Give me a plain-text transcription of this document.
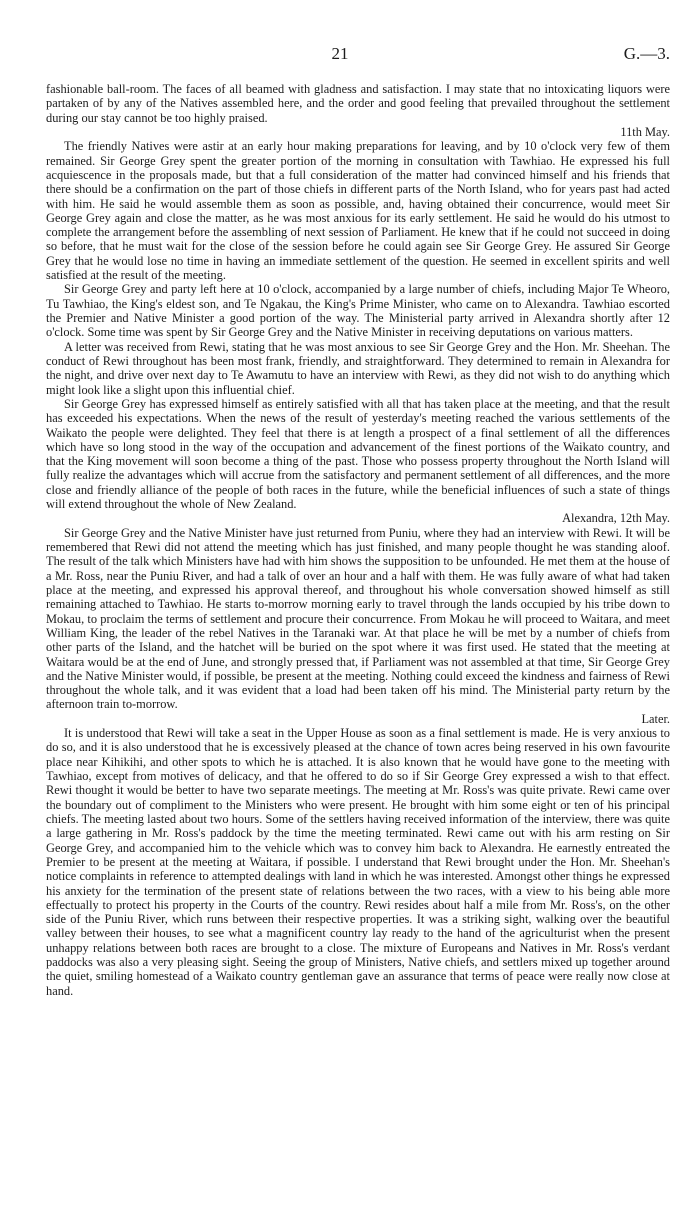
21	G.—3.

fashionable ball-room. The faces of all beamed with gladness and satisfaction. I may state that no intoxicating liquors were partaken of by any of the Natives assembled here, and the order and good feeling that prevailed throughout the settlement during our stay cannot be too highly praised.

11th May.

The friendly Natives were astir at an early hour making preparations for leaving, and by 10 o'clock very few of them remained. Sir George Grey spent the greater portion of the morning in consultation with Tawhiao. He expressed his full acquiescence in the proposals made, but that a full consideration of the matter had convinced himself and his friends that there should be a confirmation on the part of those chiefs in different parts of the North Island, who for years past had acted with him. He said he would assemble them as soon as possible, and, having obtained their concurrence, would meet Sir George Grey again and close the matter, as he was most anxious for its early settlement. He said he would do his utmost to complete the arrangement before the assembling of next session of Parliament. He knew that if he could not succeed in doing so before, that he must wait for the close of the session before he could again see Sir George Grey. He assured Sir George Grey that he would lose no time in having an immediate settlement of the question. He seemed in excellent spirits and well satisfied at the result of the meeting.

Sir George Grey and party left here at 10 o'clock, accompanied by a large number of chiefs, including Major Te Wheoro, Tu Tawhiao, the King's eldest son, and Te Ngakau, the King's Prime Minister, who came on to Alexandra. Tawhiao escorted the Premier and Native Minister a good portion of the way. The Ministerial party arrived in Alexandra shortly after 12 o'clock. Some time was spent by Sir George Grey and the Native Minister in receiving deputations on various matters.

A letter was received from Rewi, stating that he was most anxious to see Sir George Grey and the Hon. Mr. Sheehan. The conduct of Rewi throughout has been most frank, friendly, and straightforward. They determined to remain in Alexandra for the night, and drive over next day to Te Awamutu to have an interview with Rewi, as they did not wish to do anything which might look like a slight upon this influential chief.

Sir George Grey has expressed himself as entirely satisfied with all that has taken place at the meeting, and that the result has exceeded his expectations. When the news of the result of yesterday's meeting reached the various settlements of the Waikato the people were delighted. They feel that there is at length a prospect of a final settlement of all the differences which have so long stood in the way of the occupation and advancement of the finest portions of the Waikato country, and that the King movement will soon become a thing of the past. Those who possess property throughout the North Island will fully realize the advantages which will accrue from the satisfactory and permanent settlement of all differences, and the more close and friendly alliance of the people of both races in the future, while the beneficial influences of such a state of things will extend throughout the whole of New Zealand.

Alexandra, 12th May.

Sir George Grey and the Native Minister have just returned from Puniu, where they had an interview with Rewi. It will be remembered that Rewi did not attend the meeting which has just finished, and many people thought he was standing aloof. The result of the talk which Ministers have had with him shows the supposition to be unfounded. He met them at the house of a Mr. Ross, near the Puniu River, and had a talk of over an hour and a half with them. He was fully aware of what had taken place at the meeting, and expressed his approval thereof, and throughout his whole conversation showed himself as still remaining attached to Tawhiao. He starts to-morrow morning early to travel through the lands occupied by his tribe down to Mokau, to proclaim the terms of settlement and procure their concurrence. From Mokau he will proceed to Waitara, and meet William King, the leader of the rebel Natives in the Taranaki war. At that place he will be met by a number of chiefs from other parts of the Island, and the hatchet will be buried on the spot where it was first used. He stated that the meeting at Waitara would be at the end of June, and strongly pressed that, if Parliament was not assembled at that time, Sir George Grey and the Native Minister would, if possible, be present at the meeting. Nothing could exceed the kindness and fairness of Rewi throughout the whole talk, and it was evident that a load had been taken off his mind. The Ministerial party return by the afternoon train to-morrow.

Later.

It is understood that Rewi will take a seat in the Upper House as soon as a final settlement is made. He is very anxious to do so, and it is also understood that he is excessively pleased at the chance of town acres being reserved in his own favourite place near Kihikihi, and other spots to which he is attached. It is also known that he would have gone to the meeting with Tawhiao, except from motives of delicacy, and that he offered to do so if Sir George Grey expressed a wish to that effect. Rewi thought it would be better to have two separate meetings. The meeting at Mr. Ross's was quite private. Rewi came over the boundary out of compliment to the Ministers who were present. He brought with him some eight or ten of his principal chiefs. The meeting lasted about two hours. Some of the settlers having received information of the interview, there was quite a large gathering in Mr. Ross's paddock by the time the meeting terminated. Rewi came out with his arm resting on Sir George Grey, and accompanied him to the vehicle which was to convey him back to Alexandra. He earnestly entreated the Premier to be present at the meeting at Waitara, if possible. I understand that Rewi brought under the Hon. Mr. Sheehan's notice complaints in reference to attempted dealings with land in which he was interested. Amongst other things he expressed his anxiety for the termination of the present state of relations between the two races, with a view to his being able more effectually to protect his property in the Courts of the country. Rewi resides about half a mile from Mr. Ross's, on the other side of the Puniu River, which runs between their respective properties. It was a striking sight, walking over the beautiful valley between their houses, to see what a magnificent country lay ready to the hand of the agriculturist when the present unhappy relations between both races are brought to a close. The mixture of Europeans and Natives in Mr. Ross's verdant paddocks was also a very pleasing sight. Seeing the group of Ministers, Native chiefs, and settlers mixed up together around the quiet, smiling homestead of a Waikato country gentleman gave an assurance that terms of peace were really now close at hand.
